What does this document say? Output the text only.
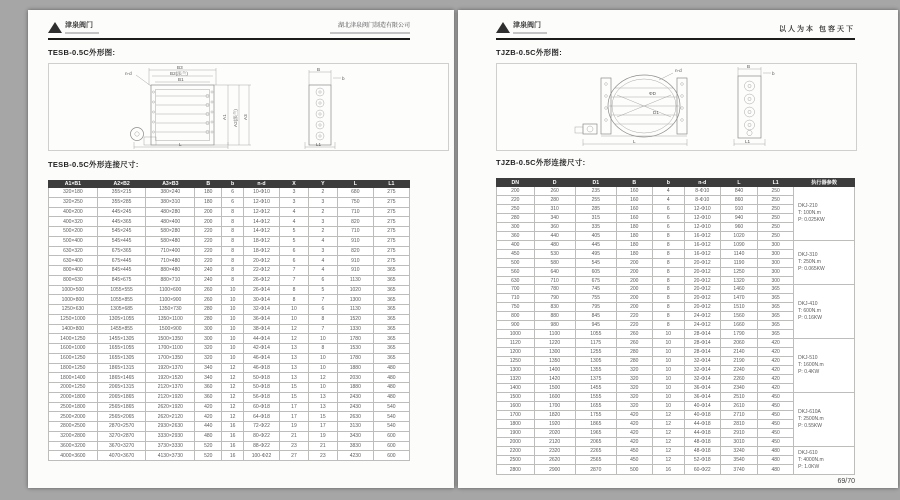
津泉阀门	湖北津泉阀门制造有限公司
TESB-0.5C外形图:
B3
B2(法兰)
B1
n-d
A1 A2(法兰) A3
L
B
b
L1
TESB-0.5C外形连接尺寸:
A1×B1	A2×B2	A3×B3	B	b	n-d	X	Y	L	L1
320×180	355×215	380×240	180	6	10-Φ10	3	2	680	275
320×250	355×285	380×310	180	6	12-Φ10	3	3	750	275
400×200	445×245	480×280	200	8	12-Φ12	4	2	710	275
400×320	445×365	480×400	200	8	14-Φ12	4	3	820	275
500×200	545×245	580×280	220	8	14-Φ12	5	2	710	275
500×400	545×445	580×480	220	8	18-Φ12	5	4	910	275
630×320	675×365	710×400	220	8	18-Φ12	6	3	820	275
630×400	675×445	710×480	220	8	20-Φ12	6	4	910	275
800×400	845×445	880×480	240	8	22-Φ12	7	4	910	365
800×630	845×675	880×710	240	8	26-Φ12	7	6	1130	365
1000×500	1055×555	1100×600	260	10	26-Φ14	8	5	1020	365
1000×800	1055×855	1100×900	260	10	30-Φ14	8	7	1300	365
1250×630	1305×685	1350×730	280	10	32-Φ14	10	6	1130	365
1250×1000	1305×1055	1350×1100	280	10	36-Φ14	10	8	1520	365
1400×800	1455×855	1500×900	300	10	38-Φ14	12	7	1330	365
1400×1250	1455×1305	1500×1350	300	10	44-Φ14	12	10	1780	365
1600×1000	1655×1055	1700×1100	320	10	42-Φ14	13	8	1530	365
1600×1250	1655×1305	1700×1350	320	10	46-Φ14	13	10	1780	365
1800×1250	1865×1315	1920×1370	340	12	46-Φ18	13	10	1880	480
1800×1400	1865×1465	1920×1520	340	12	50-Φ18	13	12	2030	480
2000×1250	2065×1315	2120×1370	360	12	50-Φ18	15	10	1880	480
2000×1800	2065×1865	2120×1920	360	12	56-Φ18	15	13	2430	480
2500×1800	2565×1865	2620×1920	420	12	60-Φ18	17	13	2430	540
2500×2000	2565×2065	2620×2120	420	12	64-Φ18	17	15	2630	540
2800×2500	2870×2570	2930×2630	440	16	72-Φ22	19	17	3130	540
3200×2800	3270×2870	3330×2930	480	16	80-Φ22	21	19	3430	600
3600×3200	3670×3270	3730×3330	520	16	88-Φ22	23	21	3830	600
4000×3600	4070×3670	4130×3730	520	16	100-Φ22	27	23	4230	600
津泉阀门	以人为本 包容天下
TJZB-0.5C外形图:
n-d
ΦD
D1
L
B
b
L1
TJZB-0.5C外形连接尺寸:
DN	D	D1	B	b	n-d	L	L1	执行器参数
200	260	235	160	4	8-Φ10	840	250	DKJ-210
T: 100N.m
P: 0.025KW

220	280	255	160	4	8-Φ10	860	250	
250	310	285	160	6	12-Φ10	910	250	
280	340	315	160	6	12-Φ10	940	250	
300	360	335	180	6	12-Φ10	960	250	
360	440	405	180	8	16-Φ12	1020	250	
400	480	445	180	8	16-Φ12	1090	300	DKJ-310
T: 250N.m
P: 0.065KW

450	530	495	180	8	16-Φ12	1140	300	
500	580	545	200	8	20-Φ12	1190	300	
560	640	605	200	8	20-Φ12	1250	300	
630	710	675	200	8	20-Φ12	1320	300	
700	780	745	200	8	20-Φ12	1460	365	DKJ-410
T: 600N.m
P: 0.16KW

710	790	755	200	8	20-Φ12	1470	365	
750	830	795	200	8	20-Φ12	1510	365	
800	880	845	220	8	24-Φ12	1560	365	
900	980	945	220	8	24-Φ12	1660	365	
1000	1100	1055	260	10	28-Φ14	1790	365	
1120	1220	1175	260	10	28-Φ14	2060	420	DKJ-510
T: 1600N.m
P: 0.4KW

1200	1300	1255	280	10	28-Φ14	2140	420	
1250	1350	1305	280	10	32-Φ14	2190	420	
1300	1400	1355	320	10	32-Φ14	2240	420	
1320	1420	1375	320	10	32-Φ14	2260	420	
1400	1500	1455	320	10	36-Φ14	2340	420	
1500	1600	1555	320	10	36-Φ14	2510	450	DKJ-610A
T: 2500N.m
P: 0.55KW

1600	1700	1655	320	10	40-Φ14	2610	450	
1700	1820	1755	420	12	40-Φ18	2710	450	
1800	1920	1865	420	12	44-Φ18	2810	450	
1900	2020	1965	420	12	44-Φ18	2910	450	
2000	2120	2065	420	12	48-Φ18	3010	450	
2200	2320	2265	450	12	48-Φ18	3240	480	DKJ-610
T: 4000N.m
P: 1.0KW

2500	2620	2565	450	12	52-Φ18	3540	480	
2800	2900	2870	500	16	60-Φ22	3740	480	
69/70
